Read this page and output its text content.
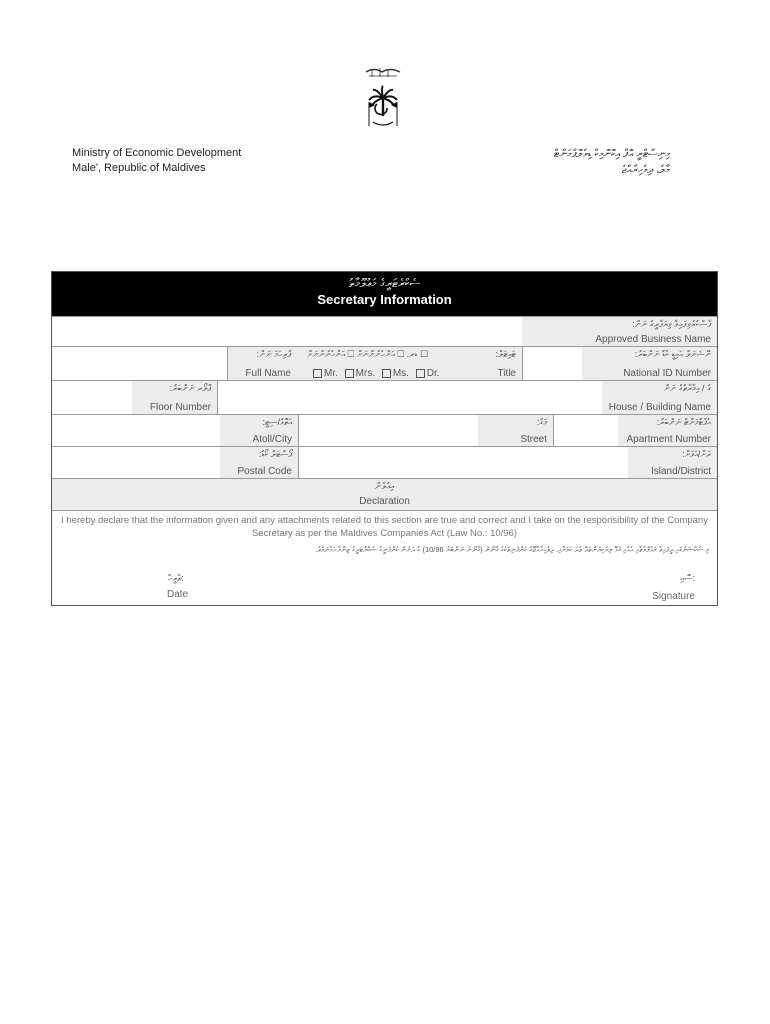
Ministry of Economic Development
Male', Republic of Maldives
މިނިސްޓްރީ އޮފް އިކޮނޮމިކް ޑިވެލޮޕްމަންޓް
މާލެ، ދިވެހިރާއްޖެ
ސެކްރެޓަރީގެ މަޢުލޫމާތު
Secretary Information
ފާސްކުރެވިފައިވާ ވިޔަފާރީގެ ނަން:
Approved Business Name
ފުރިހަމަ ނަން:
Full Name
ޑރ. ☐ އަންހެނުންނަށް ☐ އަންހެނުންނަށް ☐
Mr. Mrs. Ms. Dr.
ޓައިޓަލް:
Title
ނޭޝަނަލް އައިޑީ ކާޑު ނަންބަރު:
National ID Number
ފްލޯރ ނަންބަރު:
Floor Number
ގެ / އިމާރާތުގެ ނަން
House / Building Name
އަތޮޅު/ސިޓީ:
Atoll/City
މަގު:
Street
އެޕާޓްމަންޓް ނަންބަރު:
Apartment Number
ޕޯސްޓަލް ކޯޑު:
Postal Code
ރަށް/އަވަށް:
Island/District
އިޢުލާން
Declaration
I hereby declare that the information given and any attachments related to this section are true and correct and I take on the responsibility of the Company Secretary as per the Maldives Companies Act (Law No.: 10/96)
މި ސެކްޝަނުގައި ދީފައިވާ މަޢުލޫމާތާއި އެއާއި ގުޅޭ ލިޔެކިޔުންތައް ތެދު ކަމަށާއި، ދިވެހިރާއްޖޭގެ ކުންފުނިތަކުގެ ޤާނޫނު (ޤާނޫނު ނަންބަރު 10/96) ގެ ދަށުން ކުންފުނީގެ ސެކްރެޓަރީގެ ޒިންމާ އަޅާނަމެވެ.
ތާރީޚް:
Date
ސޮއި:
Signature
